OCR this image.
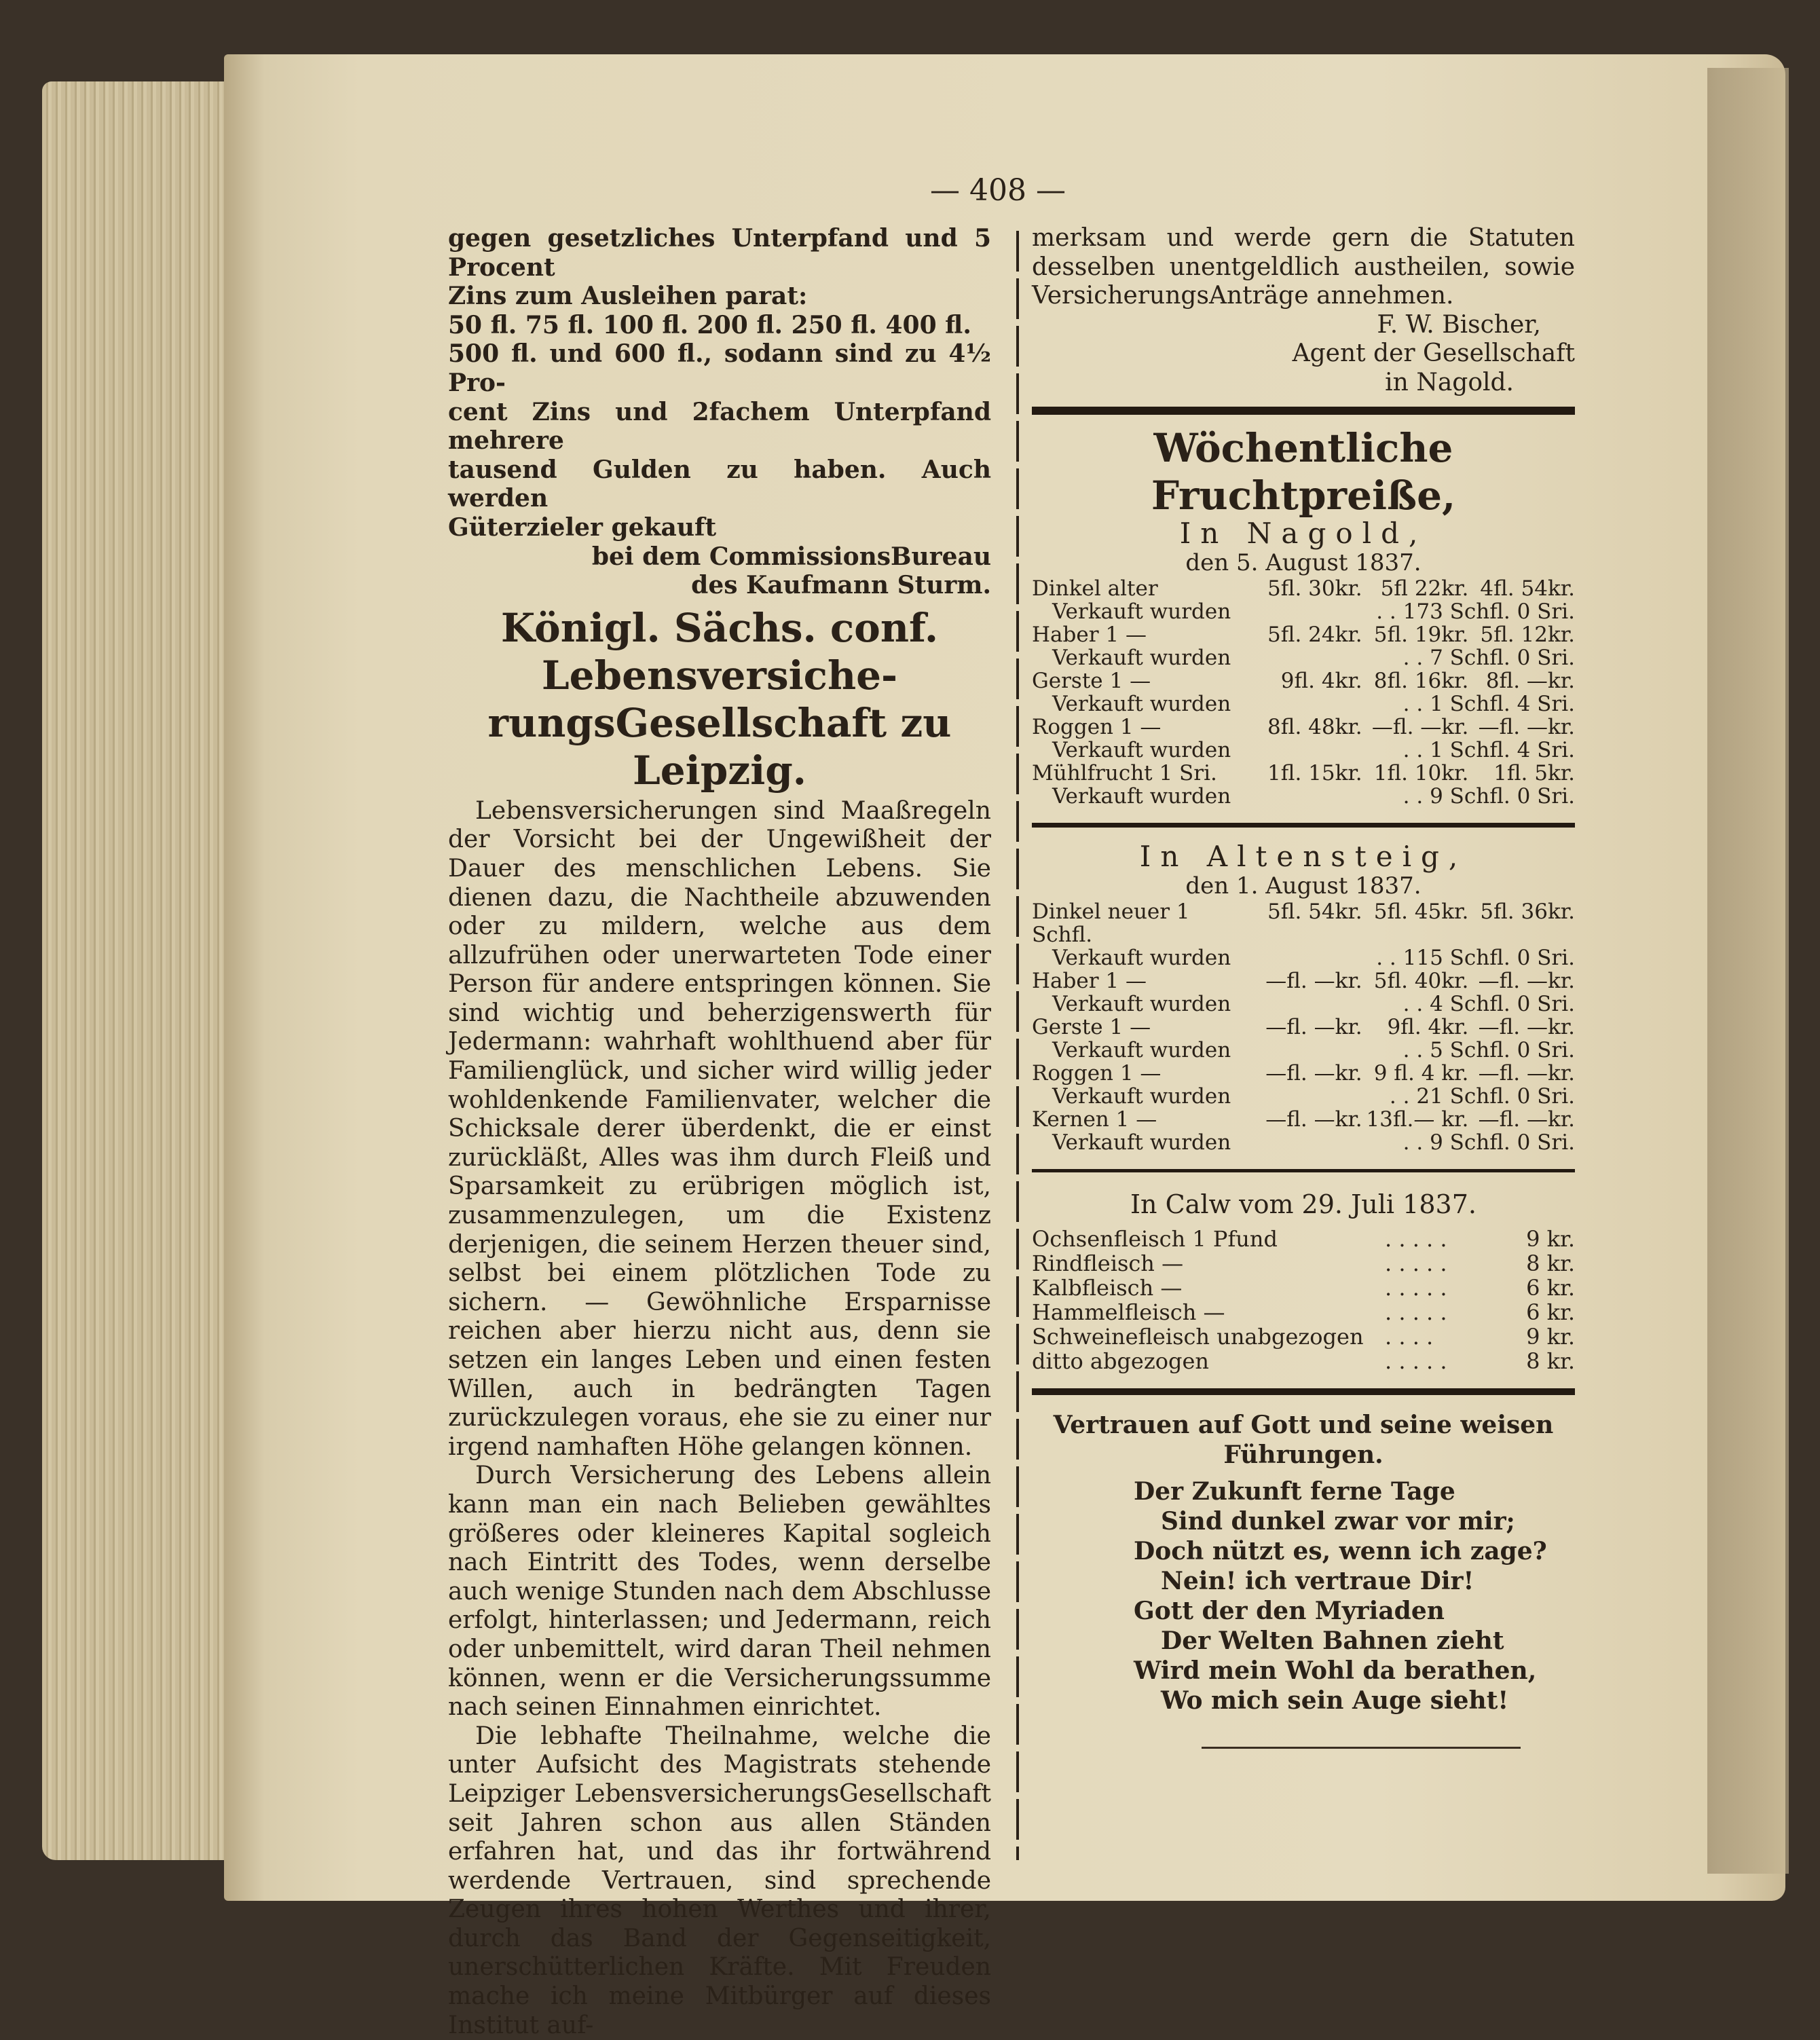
— 408 —

gegen gesetzliches Unterpfand und 5 Procent

Zins zum Ausleihen parat:

50 fl. 75 fl. 100 fl. 200 fl. 250 fl. 400 fl.

500 fl. und 600 fl., sodann sind zu 4½ Pro-

cent Zins und 2fachem Unterpfand mehrere

tausend Gulden zu haben. Auch werden

Güterzieler gekauft

bei dem CommissionsBureau

des Kaufmann Sturm.

Königl. Sächs. conf. Lebensversiche-
rungsGesellschaft zu Leipzig.

Lebensversicherungen sind Maaßregeln der Vorsicht bei der Ungewißheit der Dauer des menschlichen Lebens. Sie dienen dazu, die Nachtheile abzuwenden oder zu mildern, welche aus dem allzufrühen oder unerwarteten Tode einer Person für andere entspringen können. Sie sind wichtig und beherzigenswerth für Jedermann: wahrhaft wohlthuend aber für Familienglück, und sicher wird willig jeder wohldenkende Familienvater, welcher die Schicksale derer überdenkt, die er einst zurückläßt, Alles was ihm durch Fleiß und Sparsamkeit zu erübrigen möglich ist, zusammenzulegen, um die Existenz derjenigen, die seinem Herzen theuer sind, selbst bei einem plötzlichen Tode zu sichern. — Gewöhnliche Ersparnisse reichen aber hierzu nicht aus, denn sie setzen ein langes Leben und einen festen Willen, auch in bedrängten Tagen zurückzulegen voraus, ehe sie zu einer nur irgend namhaften Höhe gelangen können.

Durch Versicherung des Lebens allein kann man ein nach Belieben gewähltes größeres oder kleineres Kapital sogleich nach Eintritt des Todes, wenn derselbe auch wenige Stunden nach dem Abschlusse erfolgt, hinterlassen; und Jedermann, reich oder unbemittelt, wird daran Theil nehmen können, wenn er die Versicherungssumme nach seinen Einnahmen einrichtet.

Die lebhafte Theilnahme, welche die unter Aufsicht des Magistrats stehende Leipziger LebensversicherungsGesellschaft seit Jahren schon aus allen Ständen erfahren hat, und das ihr fortwährend werdende Vertrauen, sind sprechende Zeugen ihres hohen Werthes und ihrer, durch das Band der Gegenseitigkeit, unerschütterlichen Kräfte. Mit Freuden mache ich meine Mitbürger auf dieses Institut auf-

merksam und werde gern die Statuten desselben unentgeldlich austheilen, sowie VersicherungsAnträge annehmen.

F. W. Bischer,

Agent der Gesellschaft

in Nagold.

Wöchentliche Fruchtpreiße,
In Nagold,
den 5. August 1837.
Dinkel alter	5fl. 30kr. 5fl 22kr. 4fl. 54kr.
Verkauft wurden	. . 173 Schfl. 0 Sri.
Haber 1 —	5fl. 24kr. 5fl. 19kr. 5fl. 12kr.
Verkauft wurden	. . 7 Schfl. 0 Sri.
Gerste 1 —	9fl. 4kr. 8fl. 16kr. 8fl. —kr.
Verkauft wurden	. . 1 Schfl. 4 Sri.
Roggen 1 —	8fl. 48kr. —fl. —kr. —fl. —kr.
Verkauft wurden	. . 1 Schfl. 4 Sri.
Mühlfrucht 1 Sri.	1fl. 15kr. 1fl. 10kr.	1fl. 5kr.
Verkauft wurden	. . 9 Schfl. 0 Sri.
In Altensteig,
den 1. August 1837.
Dinkel neuer 1 Schfl.
5fl. 54kr. 5fl. 45kr. 5fl. 36kr.
Verkauft wurden	. . 115 Schfl. 0 Sri.
Haber 1 —	—fl. —kr. 5fl. 40kr. —fl. —kr.
Verkauft wurden	. . 4 Schfl. 0 Sri.
Gerste 1 —	—fl. —kr.	9fl. 4kr. —fl. —kr.
Verkauft wurden	. . 5 Schfl. 0 Sri.
Roggen 1 —	—fl. —kr. 9 fl. 4 kr. —fl. —kr.
Verkauft wurden	. . 21 Schfl. 0 Sri.
Kernen 1 —	—fl. —kr. 13fl.— kr. —fl. —kr.
Verkauft wurden	. . 9 Schfl. 0 Sri.
In Calw vom 29. Juli 1837.
Ochsenfleisch 1 Pfund	. . . . .	9 kr.
Rindfleisch —	. . . . .	8 kr.
Kalbfleisch —	. . . . .	6 kr.
Hammelfleisch —	. . . . .	6 kr.
Schweinefleisch unabgezogen . . . .	9 kr.
ditto abgezogen	. . . . .	8 kr.
Vertrauen auf Gott und seine weisen
Führungen.
Der Zukunft ferne Tage
Sind dunkel zwar vor mir;
Doch nützt es, wenn ich zage?
Nein! ich vertraue Dir!
Gott der den Myriaden
Der Welten Bahnen zieht
Wird mein Wohl da berathen,
Wo mich sein Auge sieht!
